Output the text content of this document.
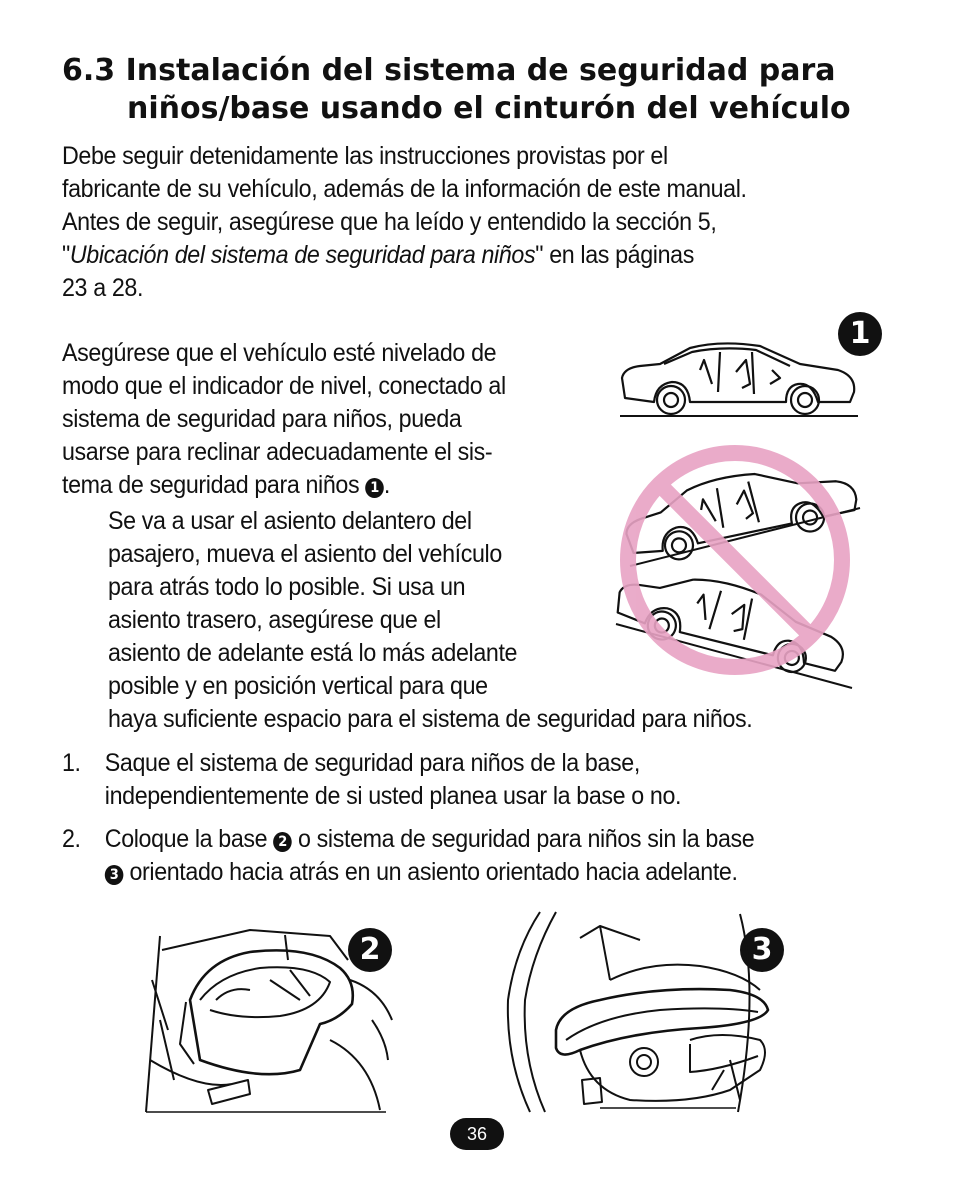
6.3 Instalación del sistema de seguridad para
niños/base usando el cinturón del vehículo
Debe seguir detenidamente las instrucciones provistas por el
fabricante de su vehículo, además de la información de este manual.
Antes de seguir, asegúrese que ha leído y entendido la sección 5,
"Ubicación del sistema de seguridad para niños" en las páginas
23 a 28.
Asegúrese que el vehículo esté nivelado de
modo que el indicador de nivel, conectado al
sistema de seguridad para niños, pueda
usarse para reclinar adecuadamente el sis-
tema de seguridad para niños 1 .
Se va a usar el asiento delantero del
pasajero, mueva el asiento del vehículo
para atrás todo lo posible. Si usa un
asiento trasero, asegúrese que el
asiento de adelante está lo más adelante
posible y en posición vertical para que
haya suficiente espacio para el sistema de seguridad para niños.
1. Saque el sistema de seguridad para niños de la base,
independientemente de si usted planea usar la base o no.
2. Coloque la base 2 o sistema de seguridad para niños sin la base
3 orientado hacia atrás en un asiento orientado hacia adelante.
1
2	3
36
